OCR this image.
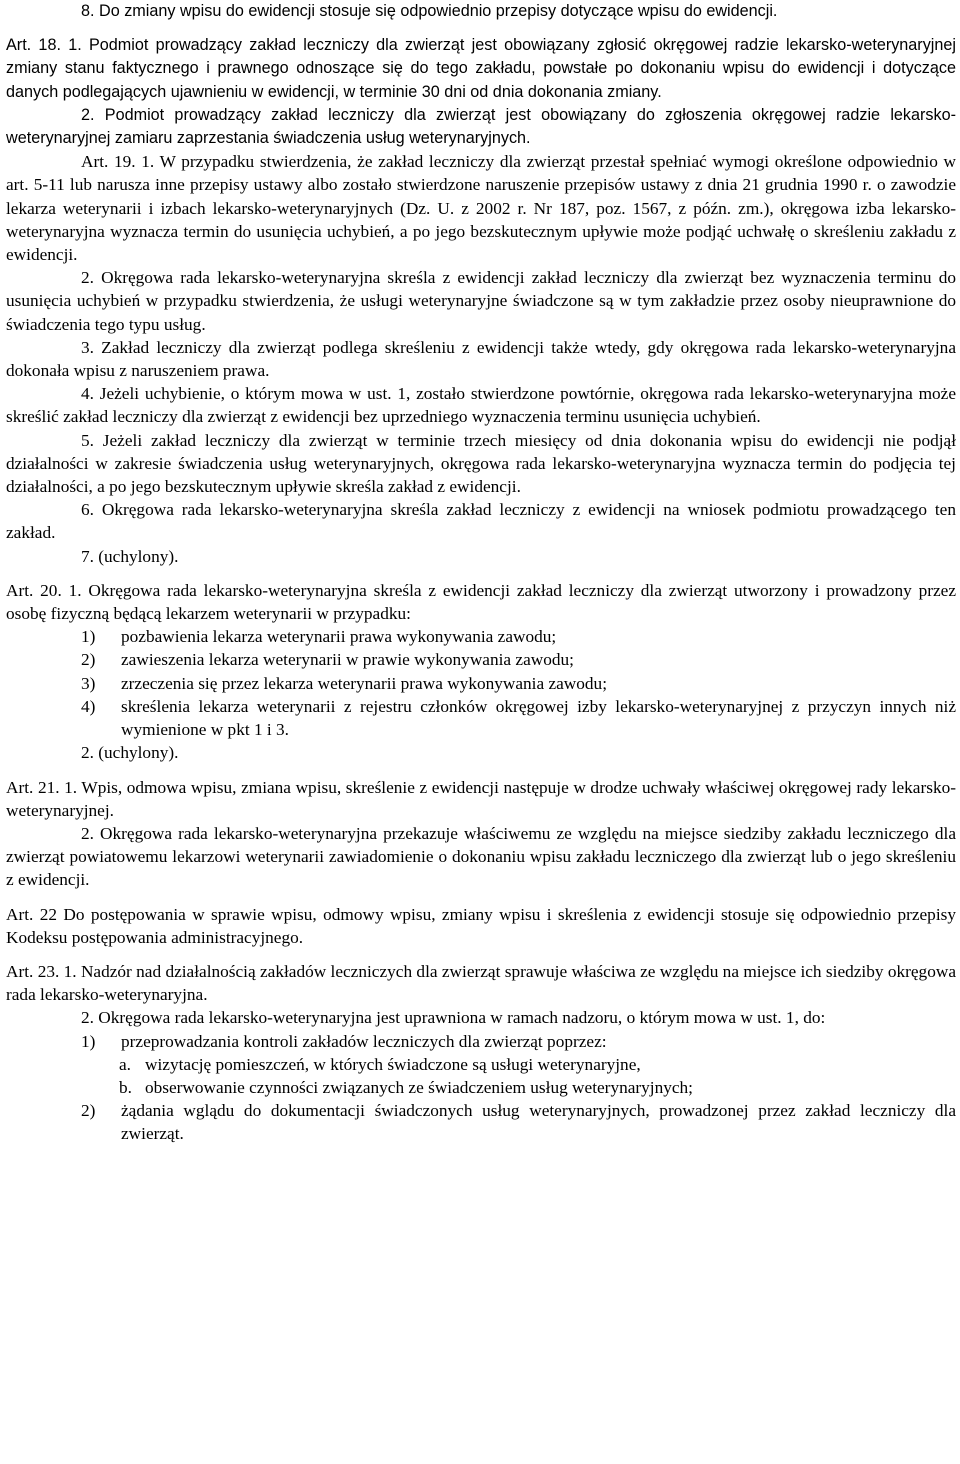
8. Do zmiany wpisu do ewidencji stosuje się odpowiednio przepisy dotyczące wpisu do ewidencji.

Art. 18. 1. Podmiot prowadzący zakład leczniczy dla zwierząt jest obowiązany zgłosić okręgowej radzie lekarsko-weterynaryjnej zmiany stanu faktycznego i prawnego odnoszące się do tego zakładu, powstałe po dokonaniu wpisu do ewidencji i dotyczące danych podlegających ujawnieniu w ewidencji, w terminie 30 dni od dnia dokonania zmiany.

2. Podmiot prowadzący zakład leczniczy dla zwierząt jest obowiązany do zgłoszenia okręgowej radzie lekarsko-weterynaryjnej zamiaru zaprzestania świadczenia usług weterynaryjnych.

Art. 19. 1. W przypadku stwierdzenia, że zakład leczniczy dla zwierząt przestał spełniać wymogi określone odpowiednio w art. 5-11 lub narusza inne przepisy ustawy albo zostało stwierdzone naruszenie przepisów ustawy z dnia 21 grudnia 1990 r. o zawodzie lekarza weterynarii i izbach lekarsko-weterynaryjnych (Dz. U. z 2002 r. Nr 187, poz. 1567, z późn. zm.), okręgowa izba lekarsko-weterynaryjna wyznacza termin do usunięcia uchybień, a po jego bezskutecznym upływie może podjąć uchwałę o skreśleniu zakładu z ewidencji.

2. Okręgowa rada lekarsko-weterynaryjna skreśla z ewidencji zakład leczniczy dla zwierząt bez wyznaczenia terminu do usunięcia uchybień w przypadku stwierdzenia, że usługi weterynaryjne świadczone są w tym zakładzie przez osoby nieuprawnione do świadczenia tego typu usług.

3. Zakład leczniczy dla zwierząt podlega skreśleniu z ewidencji także wtedy, gdy okręgowa rada lekarsko-weterynaryjna dokonała wpisu z naruszeniem prawa.

4. Jeżeli uchybienie, o którym mowa w ust. 1, zostało stwierdzone powtórnie, okręgowa rada lekarsko-weterynaryjna może skreślić zakład leczniczy dla zwierząt z ewidencji bez uprzedniego wyznaczenia terminu usunięcia uchybień.

5. Jeżeli zakład leczniczy dla zwierząt w terminie trzech miesięcy od dnia dokonania wpisu do ewidencji nie podjął działalności w zakresie świadczenia usług weterynaryjnych, okręgowa rada lekarsko-weterynaryjna wyznacza termin do podjęcia tej działalności, a po jego bezskutecznym upływie skreśla zakład z ewidencji.

6. Okręgowa rada lekarsko-weterynaryjna skreśla zakład leczniczy z ewidencji na wniosek podmiotu prowadzącego ten zakład.

7. (uchylony).

Art. 20. 1. Okręgowa rada lekarsko-weterynaryjna skreśla z ewidencji zakład leczniczy dla zwierząt utworzony i prowadzony przez osobę fizyczną będącą lekarzem weterynarii w przypadku:

1)	pozbawienia lekarza weterynarii prawa wykonywania zawodu;
2)	zawieszenia lekarza weterynarii w prawie wykonywania zawodu;
3)	zrzeczenia się przez lekarza weterynarii prawa wykonywania zawodu;
4)	skreślenia lekarza weterynarii z rejestru członków okręgowej izby lekarsko-weterynaryjnej z przyczyn innych niż wymienione w pkt 1 i 3.

2. (uchylony).

Art. 21. 1. Wpis, odmowa wpisu, zmiana wpisu, skreślenie z ewidencji następuje w drodze uchwały właściwej okręgowej rady lekarsko-weterynaryjnej.

2. Okręgowa rada lekarsko-weterynaryjna przekazuje właściwemu ze względu na miejsce siedziby zakładu leczniczego dla zwierząt powiatowemu lekarzowi weterynarii zawiadomienie o dokonaniu wpisu zakładu leczniczego dla zwierząt lub o jego skreśleniu z ewidencji.

Art. 22 Do postępowania w sprawie wpisu, odmowy wpisu, zmiany wpisu i skreślenia z ewidencji stosuje się odpowiednio przepisy Kodeksu postępowania administracyjnego.

Art. 23. 1. Nadzór nad działalnością zakładów leczniczych dla zwierząt sprawuje właściwa ze względu na miejsce ich siedziby okręgowa rada lekarsko-weterynaryjna.

2. Okręgowa rada lekarsko-weterynaryjna jest uprawniona w ramach nadzoru, o którym mowa w ust. 1, do:

1)	przeprowadzania kontroli zakładów leczniczych dla zwierząt poprzez:
a. wizytację pomieszczeń, w których świadczone są usługi weterynaryjne,
b. obserwowanie czynności związanych ze świadczeniem usług weterynaryjnych;
2)	żądania wglądu do dokumentacji świadczonych usług weterynaryjnych, prowadzonej przez zakład leczniczy dla zwierząt.
